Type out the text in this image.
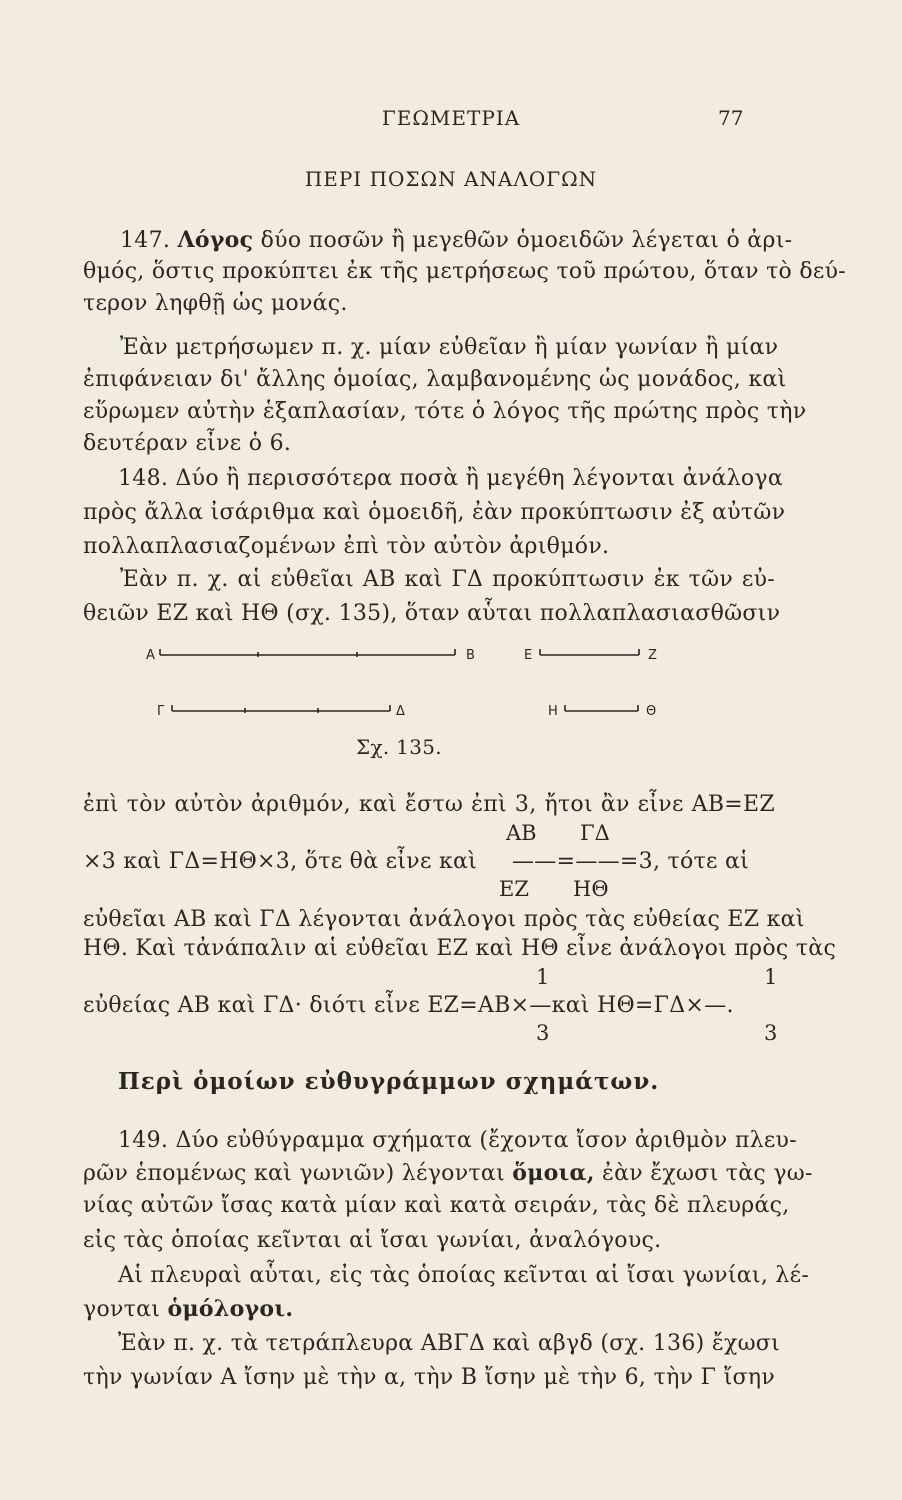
ΓΕΩΜΕΤΡΙΑ	77
ΠΕΡΙ ΠΟΣΩΝ ΑΝΑΛΟΓΩΝ
147. Λόγος δύο ποσῶν ἢ μεγεθῶν ὁμοειδῶν λέγεται ὁ ἀρι-
θμός, ὅστις προκύπτει ἐκ τῆς μετρήσεως τοῦ πρώτου, ὅταν τὸ δεύ-
τερον ληφθῇ ὡς μονάς.
Ἐὰν μετρήσωμεν π. χ. μίαν εὐθεῖαν ἢ μίαν γωνίαν ἢ μίαν
ἐπιφάνειαν δι' ἄλλης ὁμοίας, λαμβανομένης ὡς μονάδος, καὶ
εὕρωμεν αὐτὴν ἑξαπλασίαν, τότε ὁ λόγος τῆς πρώτης πρὸς τὴν
δευτέραν εἶνε ὁ 6.
148. Δύο ἢ περισσότερα ποσὰ ἢ μεγέθη λέγονται ἀνάλογα
πρὸς ἄλλα ἰσάριθμα καὶ ὁμοειδῆ, ἐὰν προκύπτωσιν ἐξ αὐτῶν
πολλαπλασιαζομένων ἐπὶ τὸν αὐτὸν ἀριθμόν.
Ἐὰν π. χ. αἱ εὐθεῖαι ΑΒ καὶ ΓΔ προκύπτωσιν ἐκ τῶν εὐ-
θειῶν ΕΖ καὶ ΗΘ (σχ. 135), ὅταν αὗται πολλαπλασιασθῶσιν
Α	Β	Ε	Ζ
Γ	Δ	Η	Θ
Σχ. 135.
ἐπὶ τὸν αὐτὸν ἀριθμόν, καὶ ἔστω ἐπὶ 3, ἤτοι ἂν εἶνε ΑΒ=ΕΖ
ΑΒ ΓΔ
×3 καὶ ΓΔ=ΗΘ×3, ὅτε θὰ εἶνε καὶ ——=——=3, τότε αἱ
ΕΖ ΗΘ
εὐθεῖαι ΑΒ καὶ ΓΔ λέγονται ἀνάλογοι πρὸς τὰς εὐθείας ΕΖ καὶ
ΗΘ. Καὶ τἀνάπαλιν αἱ εὐθεῖαι ΕΖ καὶ ΗΘ εἶνε ἀνάλογοι πρὸς τὰς
1	1
εὐθείας ΑΒ καὶ ΓΔ· διότι εἶνε ΕΖ=ΑΒ×—καὶ ΗΘ=ΓΔ×—.
3	3
Περὶ ὁμοίων εὐθυγράμμων σχημάτων.
149. Δύο εὐθύγραμμα σχήματα (ἔχοντα ἴσον ἀριθμὸν πλευ-
ρῶν ἑπομένως καὶ γωνιῶν) λέγονται ὅμοια, ἐὰν ἔχωσι τὰς γω-
νίας αὐτῶν ἴσας κατὰ μίαν καὶ κατὰ σειράν, τὰς δὲ πλευράς,
εἰς τὰς ὁποίας κεῖνται αἱ ἴσαι γωνίαι, ἀναλόγους.
Αἱ πλευραὶ αὗται, εἰς τὰς ὁποίας κεῖνται αἱ ἴσαι γωνίαι, λέ-
γονται ὁμόλογοι.
Ἐὰν π. χ. τὰ τετράπλευρα ΑΒΓΔ καὶ αβγδ (σχ. 136) ἔχωσι
τὴν γωνίαν Α ἴσην μὲ τὴν α, τὴν Β ἴσην μὲ τὴν 6, τὴν Γ ἴσην
